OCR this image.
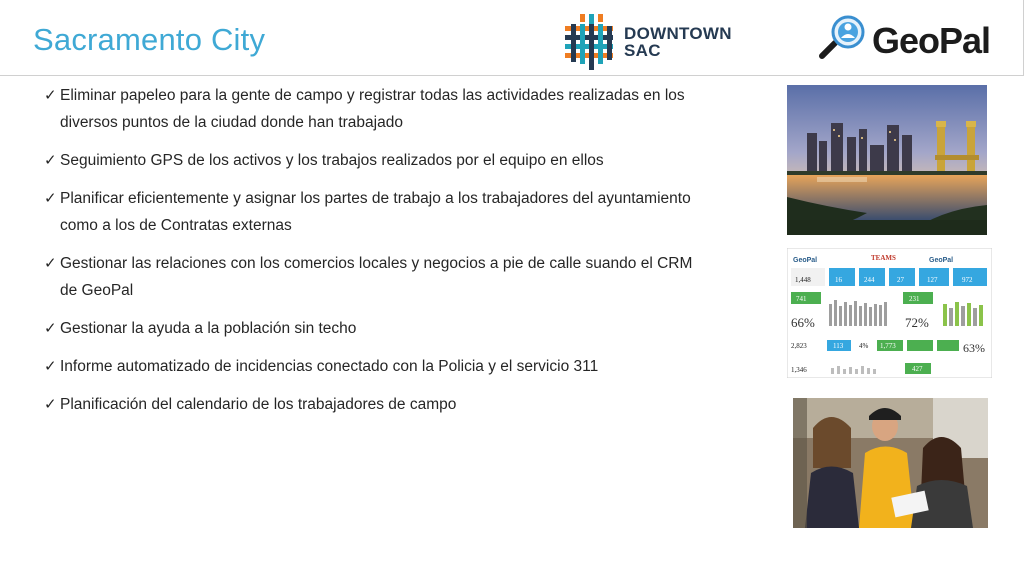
Sacramento City	DOWNTOWN
SAC	GeoPal
✓ Eliminar papeleo para la gente de campo y registrar todas las actividades realizadas en los diversos puntos de la ciudad donde han trabajado
✓ Seguimiento GPS de los activos y los trabajos realizados por el equipo en ellos
✓ Planificar eficientemente y asignar los partes de trabajo a los trabajadores del ayuntamiento como a los de Contratas externas
✓ Gestionar las relaciones con los comercios locales y negocios a pie de calle suando el CRM de GeoPal
✓ Gestionar la ayuda a la población sin techo
✓ Informe automatizado de incidencias conectado con la Policia y el servicio 311
✓ Planificación del calendario de los trabajadores de campo
GeoPal	GeoPal
TEAMS
1,448	16	244	27	127	972
741
66%
231
72%
2,823	113 4% 1,773	63%
1,346	427
